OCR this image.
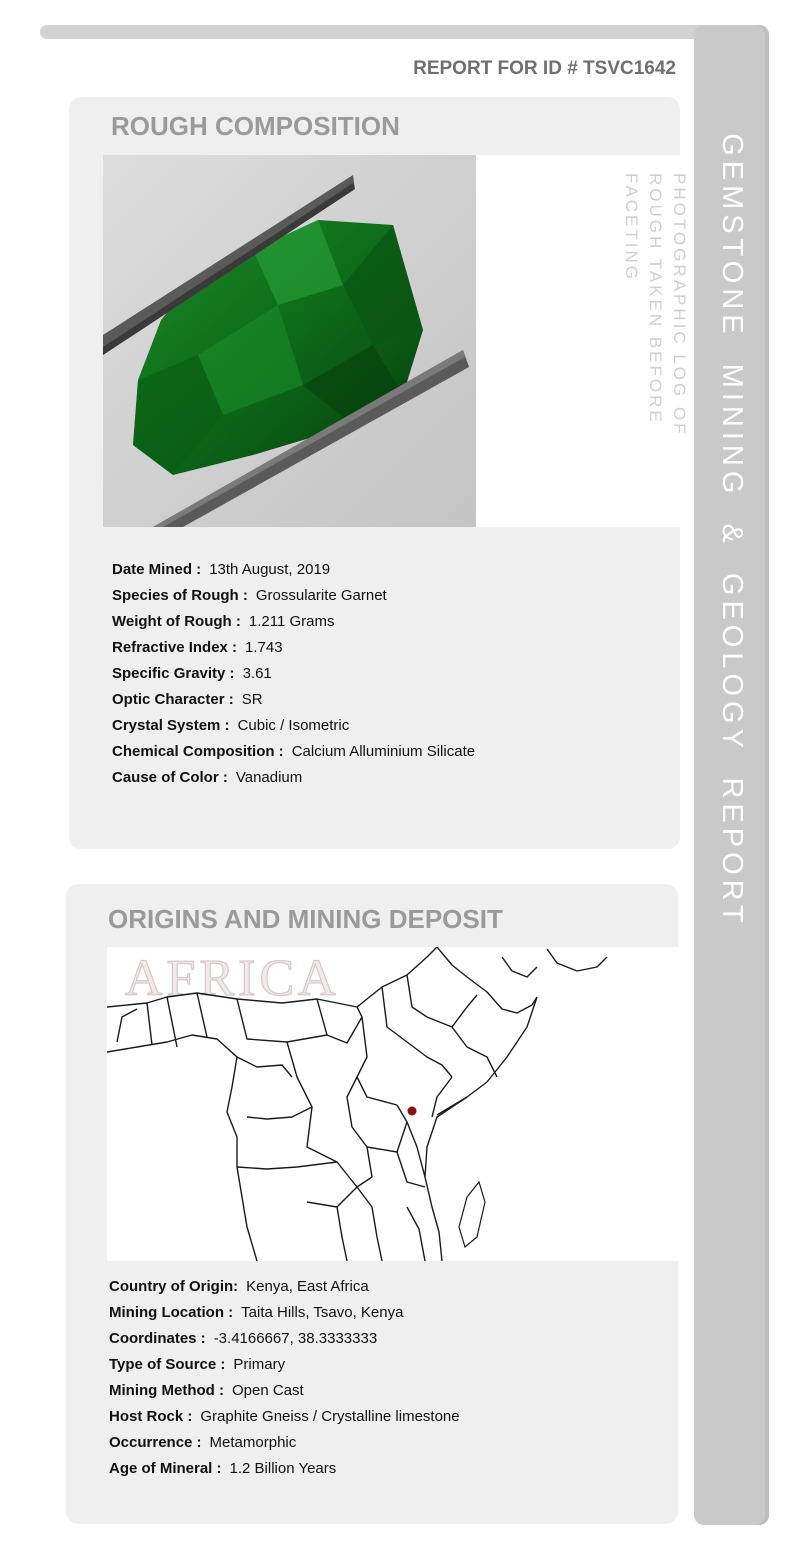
GEMSTONE MINING & GEOLOGY REPORT
REPORT FOR ID # TSVC1642
ROUGH COMPOSITION
PHOTOGRAPHIC LOG OF ROUGH TAKEN BEFORE FACETING
Date Mined : 13th August, 2019
Species of Rough : Grossularite Garnet
Weight of Rough : 1.211 Grams
Refractive Index : 1.743
Specific Gravity : 3.61
Optic Character : SR
Crystal System : Cubic / Isometric
Chemical Composition : Calcium Alluminium Silicate
Cause of Color : Vanadium
ORIGINS AND MINING DEPOSIT
AFRICA
Country of Origin: Kenya, East Africa
Mining Location : Taita Hills, Tsavo, Kenya
Coordinates : -3.4166667, 38.3333333
Type of Source : Primary
Mining Method : Open Cast
Host Rock : Graphite Gneiss / Crystalline limestone
Occurrence : Metamorphic
Age of Mineral : 1.2 Billion Years
